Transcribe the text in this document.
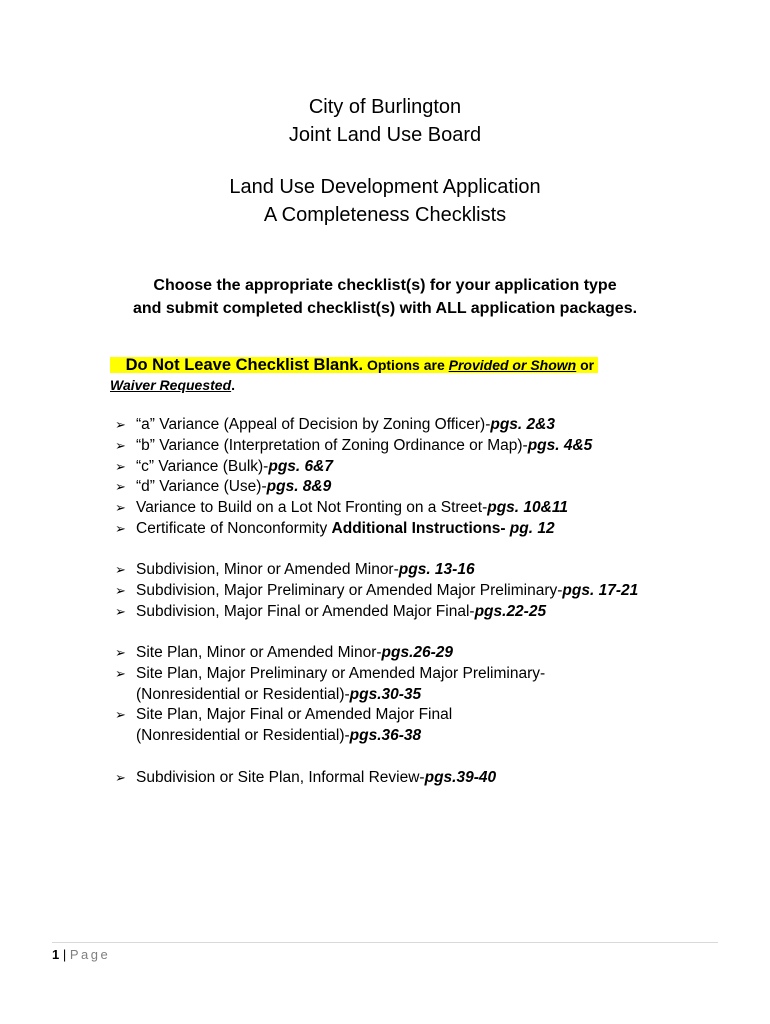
City of Burlington
Joint Land Use Board
Land Use Development Application
A Completeness Checklists
Choose the appropriate checklist(s) for your application type
and submit completed checklist(s) with ALL application packages.
Do Not Leave Checklist Blank. Options are Provided or Shown or
Waiver Requested.
➢ “a” Variance (Appeal of Decision by Zoning Officer)-pgs. 2&3
➢ “b” Variance (Interpretation of Zoning Ordinance or Map)-pgs. 4&5
➢ “c” Variance (Bulk)-pgs. 6&7
➢ “d” Variance (Use)-pgs. 8&9
➢ Variance to Build on a Lot Not Fronting on a Street-pgs. 10&11
➢ Certificate of Nonconformity Additional Instructions- pg. 12
➢ Subdivision, Minor or Amended Minor-pgs. 13-16
➢ Subdivision, Major Preliminary or Amended Major Preliminary-pgs. 17-21
➢ Subdivision, Major Final or Amended Major Final-pgs.22-25
➢ Site Plan, Minor or Amended Minor-pgs.26-29
➢ Site Plan, Major Preliminary or Amended Major Preliminary-
(Nonresidential or Residential)-pgs.30-35
➢ Site Plan, Major Final or Amended Major Final
(Nonresidential or Residential)-pgs.36-38
➢ Subdivision or Site Plan, Informal Review-pgs.39-40
1 | Page
